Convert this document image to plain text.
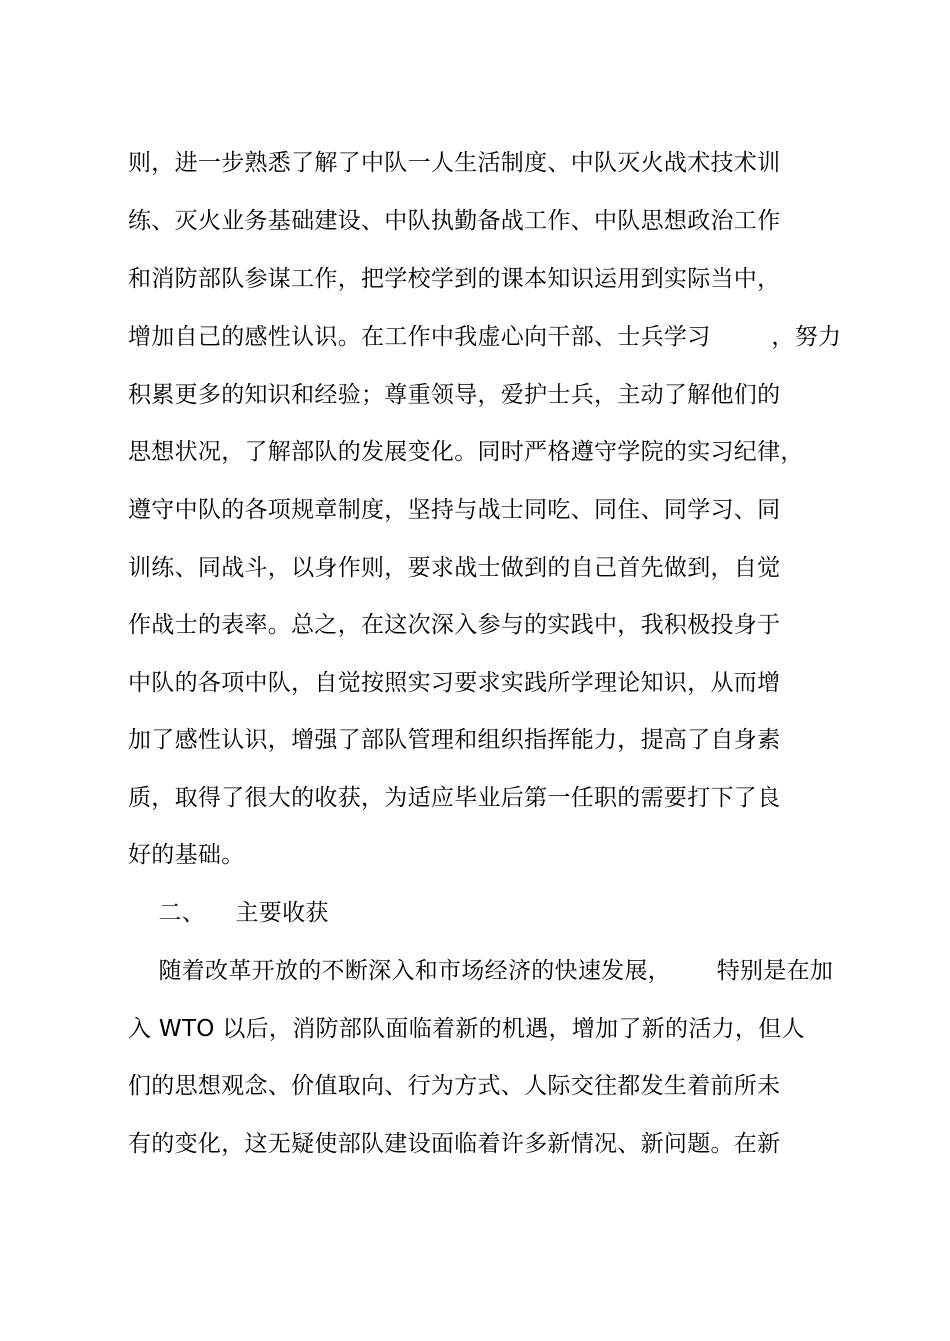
则，进一步熟悉了解了中队一人生活制度、中队灭火战术技术训
练、灭火业务基础建设、中队执勤备战工作、中队思想政治工作
和消防部队参谋工作，把学校学到的课本知识运用到实际当中，
增加自己的感性认识。在工作中我虚心向干部、士兵学习        ，努力
积累更多的知识和经验；尊重领导，爱护士兵，主动了解他们的
思想状况，了解部队的发展变化。同时严格遵守学院的实习纪律，
遵守中队的各项规章制度，坚持与战士同吃、同住、同学习、同
训练、同战斗，以身作则，要求战士做到的自己首先做到，自觉
作战士的表率。总之，在这次深入参与的实践中，我积极投身于
中队的各项中队，自觉按照实习要求实践所学理论知识，从而增
加了感性认识，增强了部队管理和组织指挥能力，提高了自身素
质，取得了很大的收获，为适应毕业后第一任职的需要打下了良
好的基础。
二、    主要收获
随着改革开放的不断深入和市场经济的快速发展，      特别是在加
入 WTO 以后，消防部队面临着新的机遇，增加了新的活力，但人
们的思想观念、价值取向、行为方式、人际交往都发生着前所未
有的变化，这无疑使部队建设面临着许多新情况、新问题。在新
